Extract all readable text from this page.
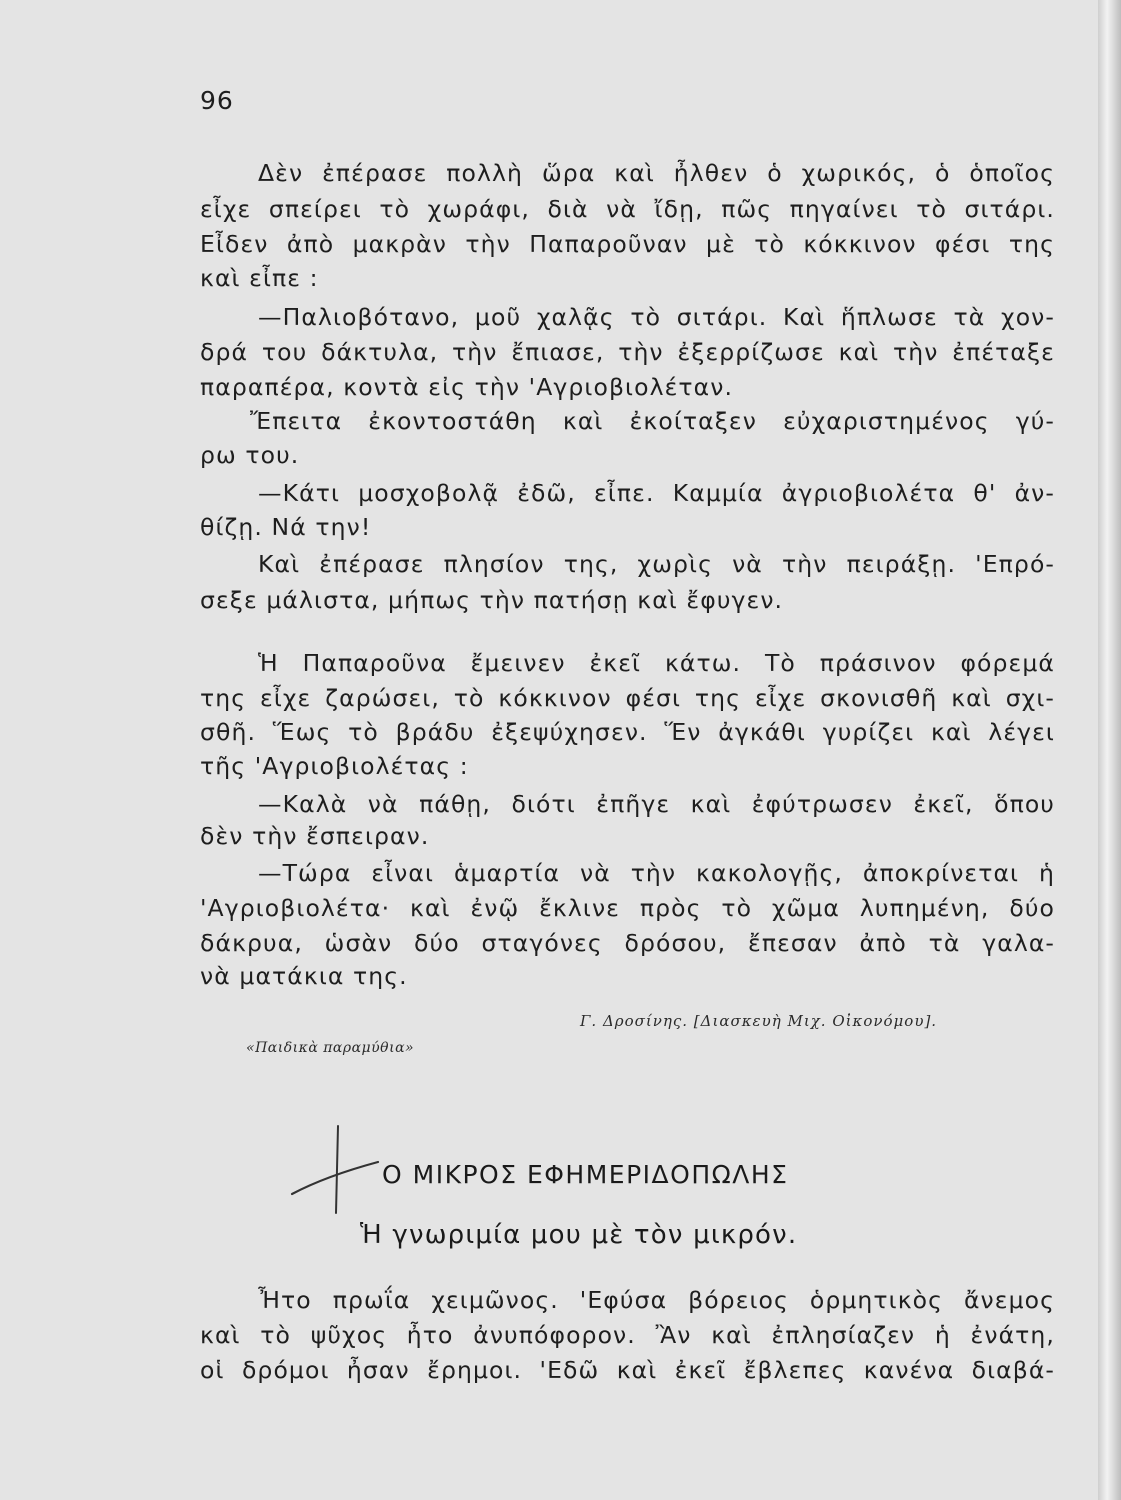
96
Δὲν ἐπέρασε πολλὴ ὥρα καὶ ἦλθεν ὁ χωρικός, ὁ ὁποῖος
εἶχε σπείρει τὸ χωράφι, διὰ νὰ ἴδῃ, πῶς πηγαίνει τὸ σιτάρι.
Εἶδεν ἀπὸ μακρὰν τὴν Παπαροῦναν μὲ τὸ κόκκινον φέσι της
καὶ εἶπε :
—Παλιοβότανο, μοῦ χαλᾷς τὸ σιτάρι. Καὶ ἥπλωσε τὰ χον-
δρά του δάκτυλα, τὴν ἔπιασε, τὴν ἐξερρίζωσε καὶ τὴν ἐπέταξε
παραπέρα, κοντὰ εἰς τὴν 'Αγριοβιολέταν.
Ἔπειτα ἐκοντοστάθη καὶ ἐκοίταξεν εὐχαριστημένος γύ-
ρω του.
—Κάτι μοσχοβολᾷ ἐδῶ, εἶπε. Καμμία ἀγριοβιολέτα θ' ἀν-
θίζῃ. Νά την!
Καὶ ἐπέρασε πλησίον της, χωρὶς νὰ τὴν πειράξῃ. 'Επρό-
σεξε μάλιστα, μήπως τὴν πατήσῃ καὶ ἔφυγεν.
Ἡ Παπαροῦνα ἔμεινεν ἐκεῖ κάτω. Τὸ πράσινον φόρεμά
της εἶχε ζαρώσει, τὸ κόκκινον φέσι της εἶχε σκονισθῆ καὶ σχι-
σθῆ. Ἕως τὸ βράδυ ἐξεψύχησεν. Ἕν ἀγκάθι γυρίζει καὶ λέγει
τῆς 'Αγριοβιολέτας :
—Καλὰ νὰ πάθῃ, διότι ἐπῆγε καὶ ἐφύτρωσεν ἐκεῖ, ὅπου
δὲν τὴν ἔσπειραν.
—Τώρα εἶναι ἁμαρτία νὰ τὴν κακολογῇς, ἀποκρίνεται ἡ
'Αγριοβιολέτα· καὶ ἐνῷ ἔκλινε πρὸς τὸ χῶμα λυπημένη, δύο
δάκρυα, ὡσὰν δύο σταγόνες δρόσου, ἔπεσαν ἀπὸ τὰ γαλα-
νὰ ματάκια της.
Γ. Δροσίνης. [Διασκευὴ Μιχ. Οἰκονόμου].
«Παιδικὰ παραμύθια»
Ο ΜΙΚΡΟΣ ΕΦΗΜΕΡΙΔΟΠΩΛΗΣ
Ἡ γνωριμία μου μὲ τὸν μικρόν.
Ἦτο πρωΐα χειμῶνος. 'Εφύσα βόρειος ὁρμητικὸς ἄνεμος
καὶ τὸ ψῦχος ἦτο ἀνυπόφορον. Ἂν καὶ ἐπλησίαζεν ἡ ἐνάτη,
οἱ δρόμοι ἦσαν ἔρημοι. 'Εδῶ καὶ ἐκεῖ ἔβλεπες κανένα διαβά-
